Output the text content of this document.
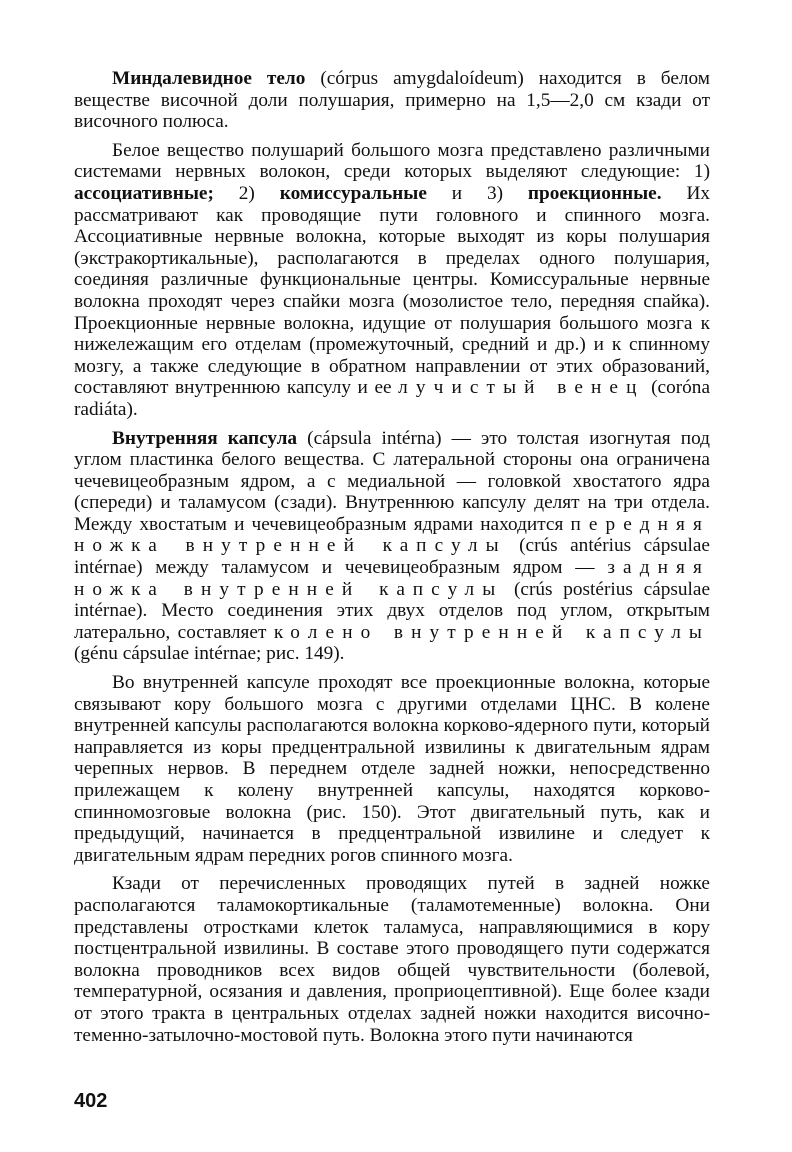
Миндалевидное тело (córpus amygdaloídeum) находится в белом веществе височной доли полушария, примерно на 1,5—2,0 см кзади от височного полюса.

Белое вещество полушарий большого мозга представлено различными системами нервных волокон, среди которых выделяют следующие: 1) ассоциативные; 2) комиссуральные и 3) проекционные. Их рассматривают как проводящие пути головного и спинного мозга. Ассоциативные нервные волокна, которые выходят из коры полушария (экстракортикальные), располагаются в пределах одного полушария, соединяя различные функциональные центры. Комиссуральные нервные волокна проходят через спайки мозга (мозолистое тело, передняя спайка). Проекционные нервные волокна, идущие от полушария большого мозга к нижележащим его отделам (промежуточный, средний и др.) и к спинному мозгу, а также следующие в обратном направлении от этих образований, составляют внутреннюю капсулу и ее лучистый венец (coróna radiáta).

Внутренняя капсула (cápsula intérna) — это толстая изогнутая под углом пластинка белого вещества. С латеральной стороны она ограничена чечевицеобразным ядром, а с медиальной — головкой хвостатого ядра (спереди) и таламусом (сзади). Внутреннюю капсулу делят на три отдела. Между хвостатым и чечевицеобразным ядрами находится передняя ножка внутренней капсулы (crús antérius cápsulae intérnae) между таламусом и чечевицеобразным ядром — задняя ножка внутренней капсулы (crús postérius cápsulae intérnae). Место соединения этих двух отделов под углом, открытым латерально, составляет колено внутренней капсулы (génu cápsulae intérnae; рис. 149).

Во внутренней капсуле проходят все проекционные волокна, которые связывают кору большого мозга с другими отделами ЦНС. В колене внутренней капсулы располагаются волокна корково-ядерного пути, который направляется из коры предцентральной извилины к двигательным ядрам черепных нервов. В переднем отделе задней ножки, непосредственно прилежащем к колену внутренней капсулы, находятся корково-спинномозговые волокна (рис. 150). Этот двигательный путь, как и предыдущий, начинается в предцентральной извилине и следует к двигательным ядрам передних рогов спинного мозга.

Кзади от перечисленных проводящих путей в задней ножке располагаются таламокортикальные (таламотеменные) волокна. Они представлены отростками клеток таламуса, направляющимися в кору постцентральной извилины. В составе этого проводящего пути содержатся волокна проводников всех видов общей чувствительности (болевой, температурной, осязания и давления, проприоцептивной). Еще более кзади от этого тракта в центральных отделах задней ножки находится височно-теменно-затылочно-мостовой путь. Волокна этого пути начинаются

402
